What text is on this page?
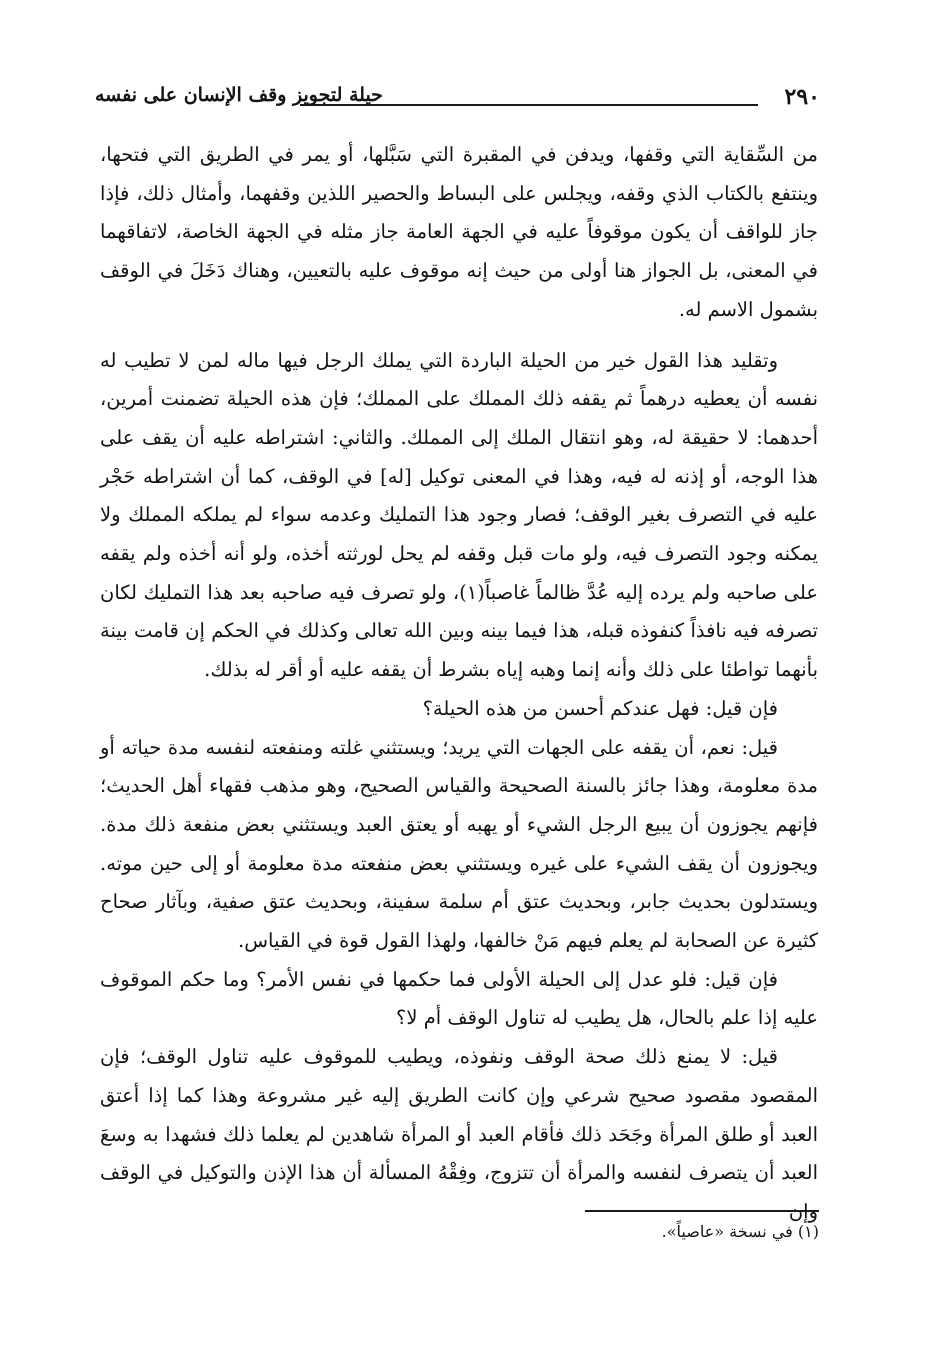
٢٩٠
حيلة لتجويز وقف الإنسان على نفسه

من السِّقاية التي وقفها، ويدفن في المقبرة التي سَبَّلها، أو يمر في الطريق التي فتحها، وينتفع بالكتاب الذي وقفه، ويجلس على البساط والحصير اللذين وقفهما، وأمثال ذلك، فإذا جاز للواقف أن يكون موقوفاً عليه في الجهة العامة جاز مثله في الجهة الخاصة، لاتفاقهما في المعنى، بل الجواز هنا أولى من حيث إنه موقوف عليه بالتعيين، وهناك دَخَلَ في الوقف بشمول الاسم له.

وتقليد هذا القول خير من الحيلة الباردة التي يملك الرجل فيها ماله لمن لا تطيب له نفسه أن يعطيه درهماً ثم يقفه ذلك المملك على المملك؛ فإن هذه الحيلة تضمنت أمرين، أحدهما: لا حقيقة له، وهو انتقال الملك إلى المملك. والثاني: اشتراطه عليه أن يقف على هذا الوجه، أو إذنه له فيه، وهذا في المعنى توكيل [له] في الوقف، كما أن اشتراطه حَجْر عليه في التصرف بغير الوقف؛ فصار وجود هذا التمليك وعدمه سواء لم يملكه المملك ولا يمكنه وجود التصرف فيه، ولو مات قبل وقفه لم يحل لورثته أخذه، ولو أنه أخذه ولم يقفه على صاحبه ولم يرده إليه عُدَّ ظالماً غاصباً(١)، ولو تصرف فيه صاحبه بعد هذا التمليك لكان تصرفه فيه نافذاً كنفوذه قبله، هذا فيما بينه وبين الله تعالى وكذلك في الحكم إن قامت بينة بأنهما تواطئا على ذلك وأنه إنما وهبه إياه بشرط أن يقفه عليه أو أقر له بذلك.

فإن قيل: فهل عندكم أحسن من هذه الحيلة؟

قيل: نعم، أن يقفه على الجهات التي يريد؛ ويستثني غلته ومنفعته لنفسه مدة حياته أو مدة معلومة، وهذا جائز بالسنة الصحيحة والقياس الصحيح، وهو مذهب فقهاء أهل الحديث؛ فإنهم يجوزون أن يبيع الرجل الشيء أو يهبه أو يعتق العبد ويستثني بعض منفعة ذلك مدة. ويجوزون أن يقف الشيء على غيره ويستثني بعض منفعته مدة معلومة أو إلى حين موته. ويستدلون بحديث جابر، وبحديث عتق أم سلمة سفينة، وبحديث عتق صفية، وبآثار صحاح كثيرة عن الصحابة لم يعلم فيهم مَنْ خالفها، ولهذا القول قوة في القياس.

فإن قيل: فلو عدل إلى الحيلة الأولى فما حكمها في نفس الأمر؟ وما حكم الموقوف عليه إذا علم بالحال، هل يطيب له تناول الوقف أم لا؟

قيل: لا يمنع ذلك صحة الوقف ونفوذه، ويطيب للموقوف عليه تناول الوقف؛ فإن المقصود مقصود صحيح شرعي وإن كانت الطريق إليه غير مشروعة وهذا كما إذا أعتق العبد أو طلق المرأة وجَحَد ذلك فأقام العبد أو المرأة شاهدين لم يعلما ذلك فشهدا به وسعَ العبد أن يتصرف لنفسه والمرأة أن تتزوج، وفِقْهُ المسألة أن هذا الإذن والتوكيل في الوقف وإن

(١) في نسخة «عاصياً».
